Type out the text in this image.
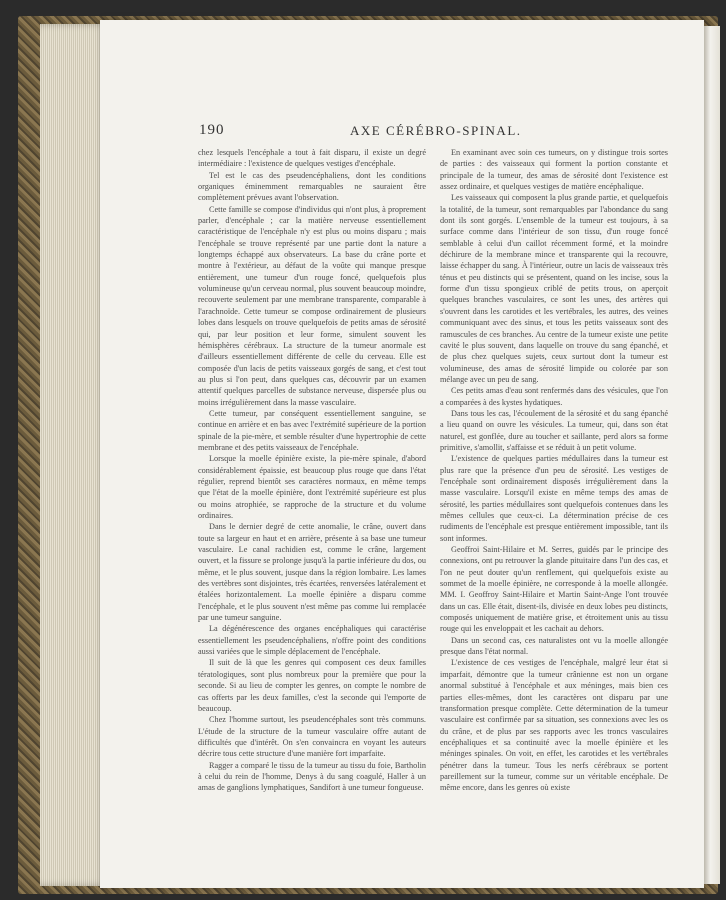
190	AXE CÉRÉBRO-SPINAL.

chez lesquels l'encéphale a tout à fait disparu, il existe un degré intermédiaire : l'existence de quelques vestiges d'encéphale.

Tel est le cas des pseudencéphaliens, dont les conditions organiques éminemment remarquables ne sauraient être complètement prévues avant l'observation.

Cette famille se compose d'individus qui n'ont plus, à proprement parler, d'encéphale ; car la matière nerveuse essentiellement caractéristique de l'encéphale n'y est plus ou moins disparu ; mais l'encéphale se trouve représenté par une partie dont la nature a longtemps échappé aux observateurs. La base du crâne porte et montre à l'extérieur, au défaut de la voûte qui manque presque entièrement, une tumeur d'un rouge foncé, quelquefois plus volumineuse qu'un cerveau normal, plus souvent beaucoup moindre, recouverte seulement par une membrane transparente, comparable à l'arachnoïde. Cette tumeur se compose ordinairement de plusieurs lobes dans lesquels on trouve quelquefois de petits amas de sérosité qui, par leur position et leur forme, simulent souvent les hémisphères cérébraux. La structure de la tumeur anormale est d'ailleurs essentiellement différente de celle du cerveau. Elle est composée d'un lacis de petits vaisseaux gorgés de sang, et c'est tout au plus si l'on peut, dans quelques cas, découvrir par un examen attentif quelques parcelles de substance nerveuse, dispersée plus ou moins irrégulièrement dans la masse vasculaire.

Cette tumeur, par conséquent essentiellement sanguine, se continue en arrière et en bas avec l'extrémité supérieure de la portion spinale de la pie-mère, et semble résulter d'une hypertrophie de cette membrane et des petits vaisseaux de l'encéphale.

Lorsque la moelle épinière existe, la pie-mère spinale, d'abord considérablement épaissie, est beaucoup plus rouge que dans l'état régulier, reprend bientôt ses caractères normaux, en même temps que l'état de la moelle épinière, dont l'extrémité supérieure est plus ou moins atrophiée, se rapproche de la structure et du volume ordinaires.

Dans le dernier degré de cette anomalie, le crâne, ouvert dans toute sa largeur en haut et en arrière, présente à sa base une tumeur vasculaire. Le canal rachidien est, comme le crâne, largement ouvert, et la fissure se prolonge jusqu'à la partie inférieure du dos, ou même, et le plus souvent, jusque dans la région lombaire. Les lames des vertèbres sont disjointes, très écartées, renversées latéralement et étalées horizontalement. La moelle épinière a disparu comme l'encéphale, et le plus souvent n'est même pas comme lui remplacée par une tumeur sanguine.

La dégénérescence des organes encéphaliques qui caractérise essentiellement les pseudencéphaliens, n'offre point des conditions aussi variées que le simple déplacement de l'encéphale.

Il suit de là que les genres qui composent ces deux familles tératologiques, sont plus nombreux pour la première que pour la seconde. Si au lieu de compter les genres, on compte le nombre de cas offerts par les deux familles, c'est la seconde qui l'emporte de beaucoup.

Chez l'homme surtout, les pseudencéphales sont très communs. L'étude de la structure de la tumeur vasculaire offre autant de difficultés que d'intérêt. On s'en convaincra en voyant les auteurs décrire tous cette structure d'une manière fort imparfaite.

Ragger a comparé le tissu de la tumeur au tissu du foie, Bartholin à celui du rein de l'homme, Denys à du sang coagulé, Haller à un amas de ganglions lymphatiques, Sandifort à une tumeur fongueuse.

En examinant avec soin ces tumeurs, on y distingue trois sortes de parties : des vaisseaux qui forment la portion constante et principale de la tumeur, des amas de sérosité dont l'existence est assez ordinaire, et quelques vestiges de matière encéphalique.

Les vaisseaux qui composent la plus grande partie, et quelquefois la totalité, de la tumeur, sont remarquables par l'abondance du sang dont ils sont gorgés. L'ensemble de la tumeur est toujours, à sa surface comme dans l'intérieur de son tissu, d'un rouge foncé semblable à celui d'un caillot récemment formé, et la moindre déchirure de la membrane mince et transparente qui la recouvre, laisse échapper du sang. À l'intérieur, outre un lacis de vaisseaux très ténus et peu distincts qui se présentent, quand on les incise, sous la forme d'un tissu spongieux criblé de petits trous, on aperçoit quelques branches vasculaires, ce sont les unes, des artères qui s'ouvrent dans les carotides et les vertébrales, les autres, des veines communiquant avec des sinus, et tous les petits vaisseaux sont des ramuscules de ces branches. Au centre de la tumeur existe une petite cavité le plus souvent, dans laquelle on trouve du sang épanché, et de plus chez quelques sujets, ceux surtout dont la tumeur est volumineuse, des amas de sérosité limpide ou colorée par son mélange avec un peu de sang.

Ces petits amas d'eau sont renfermés dans des vésicules, que l'on a comparées à des kystes hydatiques.

Dans tous les cas, l'écoulement de la sérosité et du sang épanché a lieu quand on ouvre les vésicules. La tumeur, qui, dans son état naturel, est gonflée, dure au toucher et saillante, perd alors sa forme primitive, s'amollit, s'affaisse et se réduit à un petit volume.

L'existence de quelques parties médullaires dans la tumeur est plus rare que la présence d'un peu de sérosité. Les vestiges de l'encéphale sont ordinairement disposés irrégulièrement dans la masse vasculaire. Lorsqu'il existe en même temps des amas de sérosité, les parties médullaires sont quelquefois contenues dans les mêmes cellules que ceux-ci. La détermination précise de ces rudiments de l'encéphale est presque entièrement impossible, tant ils sont informes.

Geoffroi Saint-Hilaire et M. Serres, guidés par le principe des connexions, ont pu retrouver la glande pituitaire dans l'un des cas, et l'on ne peut douter qu'un renflement, qui quelquefois existe au sommet de la moelle épinière, ne corresponde à la moelle allongée. MM. I. Geoffroy Saint-Hilaire et Martin Saint-Ange l'ont trouvée dans un cas. Elle était, disent-ils, divisée en deux lobes peu distincts, composés uniquement de matière grise, et étroitement unis au tissu rouge qui les enveloppait et les cachait au dehors.

Dans un second cas, ces naturalistes ont vu la moelle allongée presque dans l'état normal.

L'existence de ces vestiges de l'encéphale, malgré leur état si imparfait, démontre que la tumeur crânienne est non un organe anormal substitué à l'encéphale et aux méninges, mais bien ces parties elles-mêmes, dont les caractères ont disparu par une transformation presque complète. Cette détermination de la tumeur vasculaire est confirmée par sa situation, ses connexions avec les os du crâne, et de plus par ses rapports avec les troncs vasculaires encéphaliques et sa continuité avec la moelle épinière et les méninges spinales. On voit, en effet, les carotides et les vertébrales pénétrer dans la tumeur. Tous les nerfs cérébraux se portent pareillement sur la tumeur, comme sur un véritable encéphale. De même encore, dans les genres où existe
